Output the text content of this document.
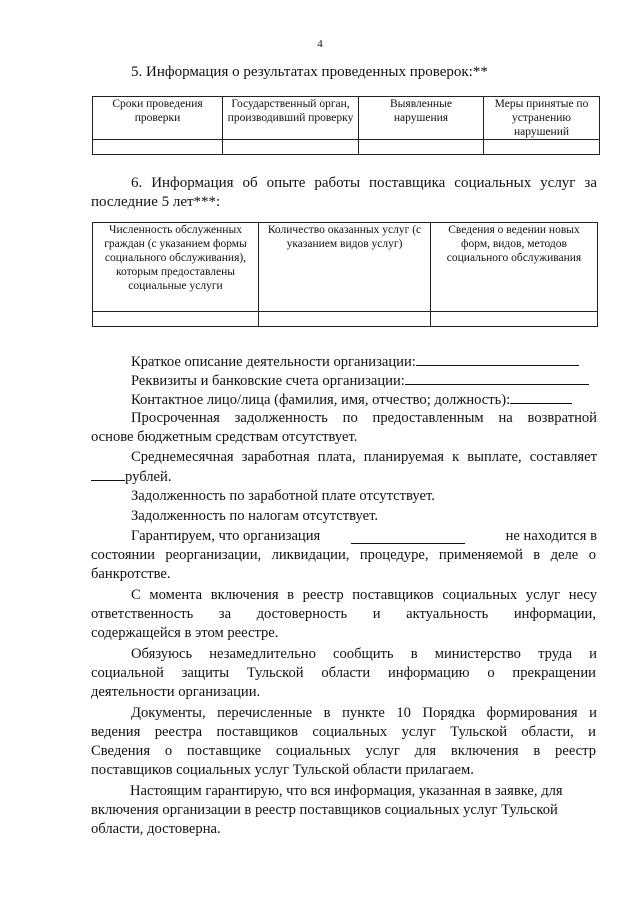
4
5. Информация о результатах проведенных проверок:**
Сроки проведения проверки	Государственный орган, производивший проверку	Выявленные нарушения	Меры принятые по устранению нарушений

6. Информация об опыте работы поставщика социальных услуг за
последние 5 лет***:
Численность обслуженных граждан (с указанием формы социального обслуживания), которым предоставлены социальные услуги	Количество оказанных услуг (с указанием видов услуг)	Сведения о ведении новых форм, видов, методов социального обслуживания

Краткое описание деятельности организации:
Реквизиты и банковские счета организации:
Контактное лицо/лица (фамилия, имя, отчество; должность):
Просроченная задолженность по предоставленным на возвратной
основе бюджетным средствам отсутствует.
Среднемесячная заработная плата, планируемая к выплате, составляет
рублей.
Задолженность по заработной плате отсутствует.
Задолженность по налогам отсутствует.
Гарантируем, что организация	не находится в
состоянии реорганизации, ликвидации, процедуре, применяемой в деле о
банкротстве.
С момента включения в реестр поставщиков социальных услуг несу
ответственность за достоверность и актуальность информации,
содержащейся в этом реестре.
Обязуюсь незамедлительно сообщить в министерство труда и
социальной защиты Тульской области информацию о прекращении
деятельности организации.
Документы, перечисленные в пункте 10 Порядка формирования и
ведения реестра поставщиков социальных услуг Тульской области, и
Сведения о поставщике социальных услуг для включения в реестр
поставщиков социальных услуг Тульской области прилагаем.
Настоящим гарантирую, что вся информация, указанная в заявке, для
включения организации в реестр поставщиков социальных услуг Тульской
области, достоверна.
